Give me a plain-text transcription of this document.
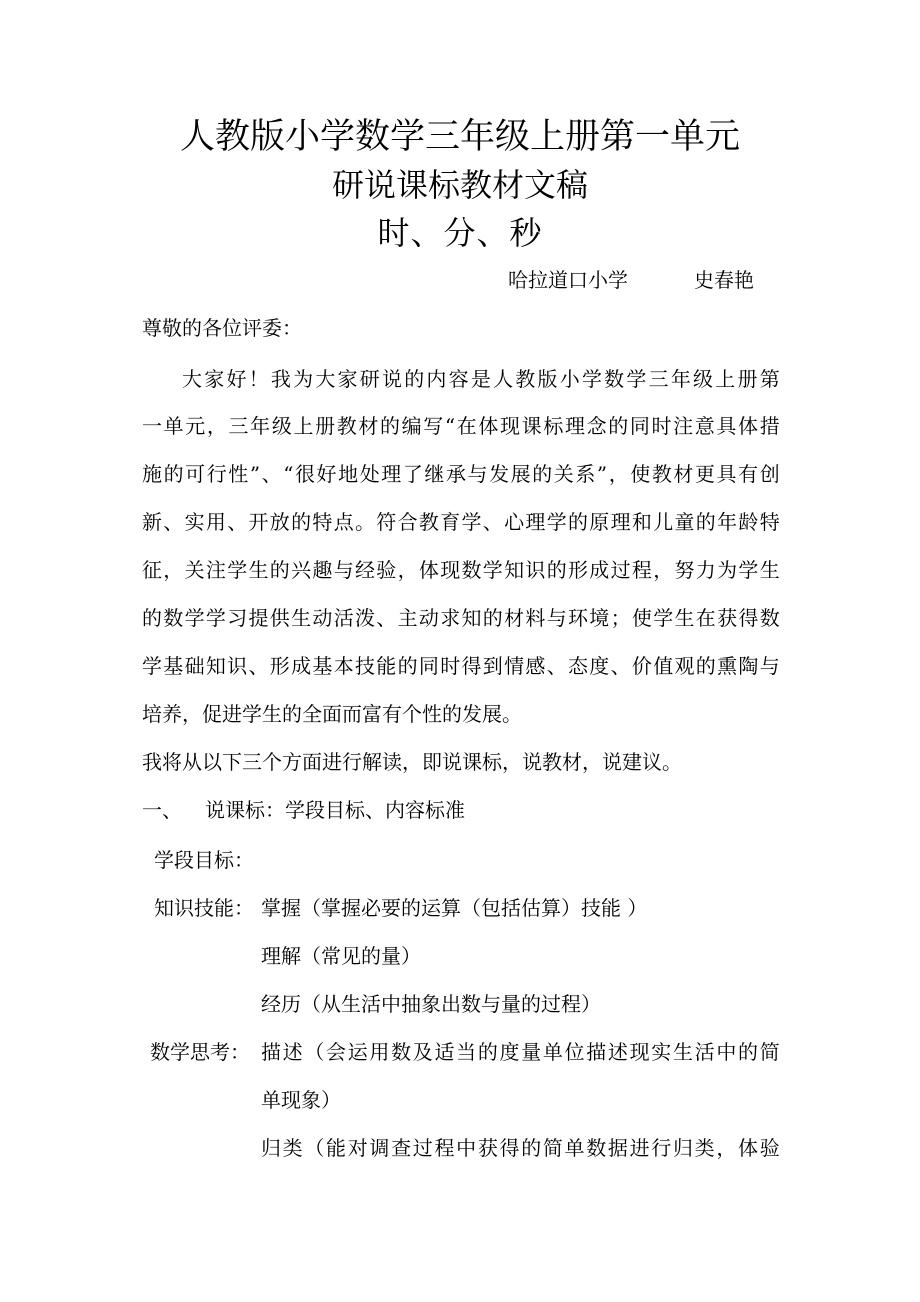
人教版小学数学三年级上册第一单元
研说课标教材文稿
时、分、秒
哈拉道口小学	史春艳
尊敬的各位评委：
大家好！我为大家研说的内容是人教版小学数学三年级上册第
一单元，三年级上册教材的编写“在体现课标理念的同时注意具体措
施的可行性”、“很好地处理了继承与发展的关系”，使教材更具有创
新、实用、开放的特点。符合教育学、心理学的原理和儿童的年龄特
征，关注学生的兴趣与经验，体现数学知识的形成过程，努力为学生
的数学学习提供生动活泼、主动求知的材料与环境；使学生在获得数
学基础知识、形成基本技能的同时得到情感、态度、价值观的熏陶与
培养，促进学生的全面而富有个性的发展。
我将从以下三个方面进行解读，即说课标，说教材，说建议。
一、 说课标：学段目标、内容标准
学段目标：
知识技能： 掌握（掌握必要的运算（包括估算）技能 ）
理解（常见的量）
经历（从生活中抽象出数与量的过程）
数学思考： 描述（会运用数及适当的度量单位描述现实生活中的简
单现象）
归类（能对调查过程中获得的简单数据进行归类，体验
